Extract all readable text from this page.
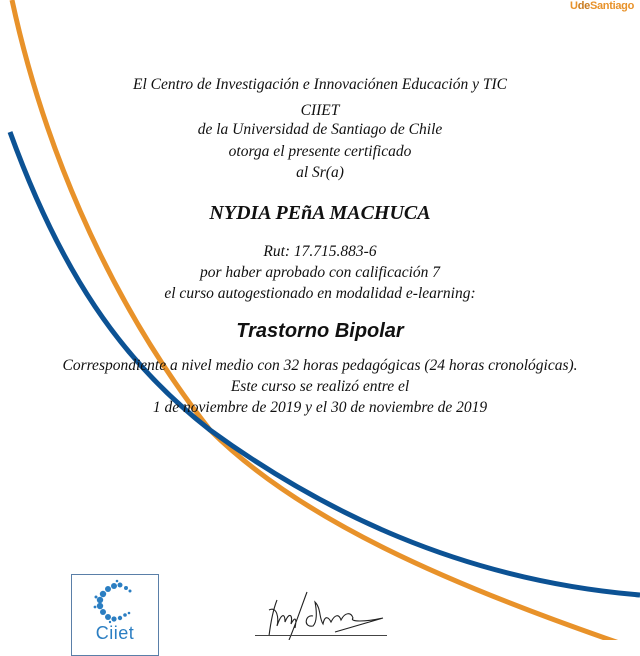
UdeSantiago
El Centro de Investigación e Innovaciónen Educación y TIC
CIIET
de la Universidad de Santiago de Chile
otorga el presente certificado
al Sr(a)
NYDIA PEñA MACHUCA
Rut: 17.715.883-6
por haber aprobado con calificación 7
el curso autogestionado en modalidad e-learning:
Trastorno Bipolar
Correspondiente a nivel medio con 32 horas pedagógicas (24 horas cronológicas).
Este curso se realizó entre el
1 de noviembre de 2019 y el 30 de noviembre de 2019
Ciiet
